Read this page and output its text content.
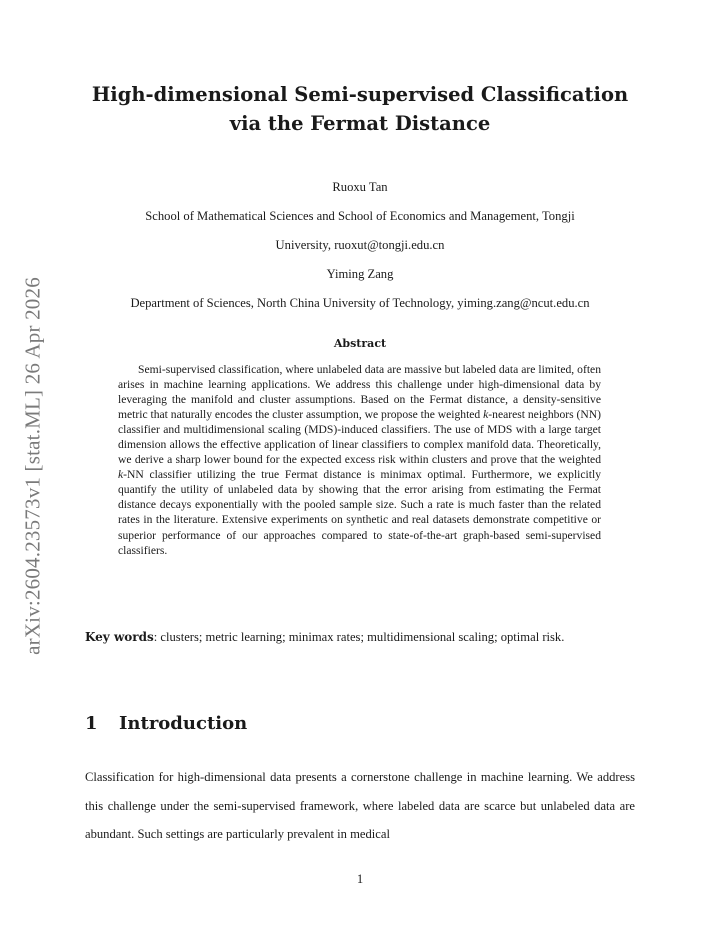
arXiv:2604.23573v1 [stat.ML] 26 Apr 2026
High-dimensional Semi-supervised Classification via the Fermat Distance
Ruoxu Tan
School of Mathematical Sciences and School of Economics and Management, Tongji
University, ruoxut@tongji.edu.cn
Yiming Zang
Department of Sciences, North China University of Technology, yiming.zang@ncut.edu.cn
Abstract

Semi-supervised classification, where unlabeled data are massive but labeled data are limited, often arises in machine learning applications. We address this challenge under high-dimensional data by leveraging the manifold and cluster assumptions. Based on the Fermat distance, a density-sensitive metric that naturally encodes the cluster assumption, we propose the weighted k-nearest neighbors (NN) classifier and multidimensional scaling (MDS)-induced classifiers. The use of MDS with a large target dimension allows the effective application of linear classifiers to complex manifold data. Theoretically, we derive a sharp lower bound for the expected excess risk within clusters and prove that the weighted k-NN classifier utilizing the true Fermat distance is minimax optimal. Furthermore, we explicitly quantify the utility of unlabeled data by showing that the error arising from estimating the Fermat distance decays exponentially with the pooled sample size. Such a rate is much faster than the related rates in the literature. Extensive experiments on synthetic and real datasets demonstrate competitive or superior performance of our approaches compared to state-of-the-art graph-based semi-supervised classifiers.

Key words: clusters; metric learning; minimax rates; multidimensional scaling; optimal risk.

1 Introduction

Classification for high-dimensional data presents a cornerstone challenge in machine learning. We address this challenge under the semi-supervised framework, where labeled data are scarce but unlabeled data are abundant. Such settings are particularly prevalent in medical

1
